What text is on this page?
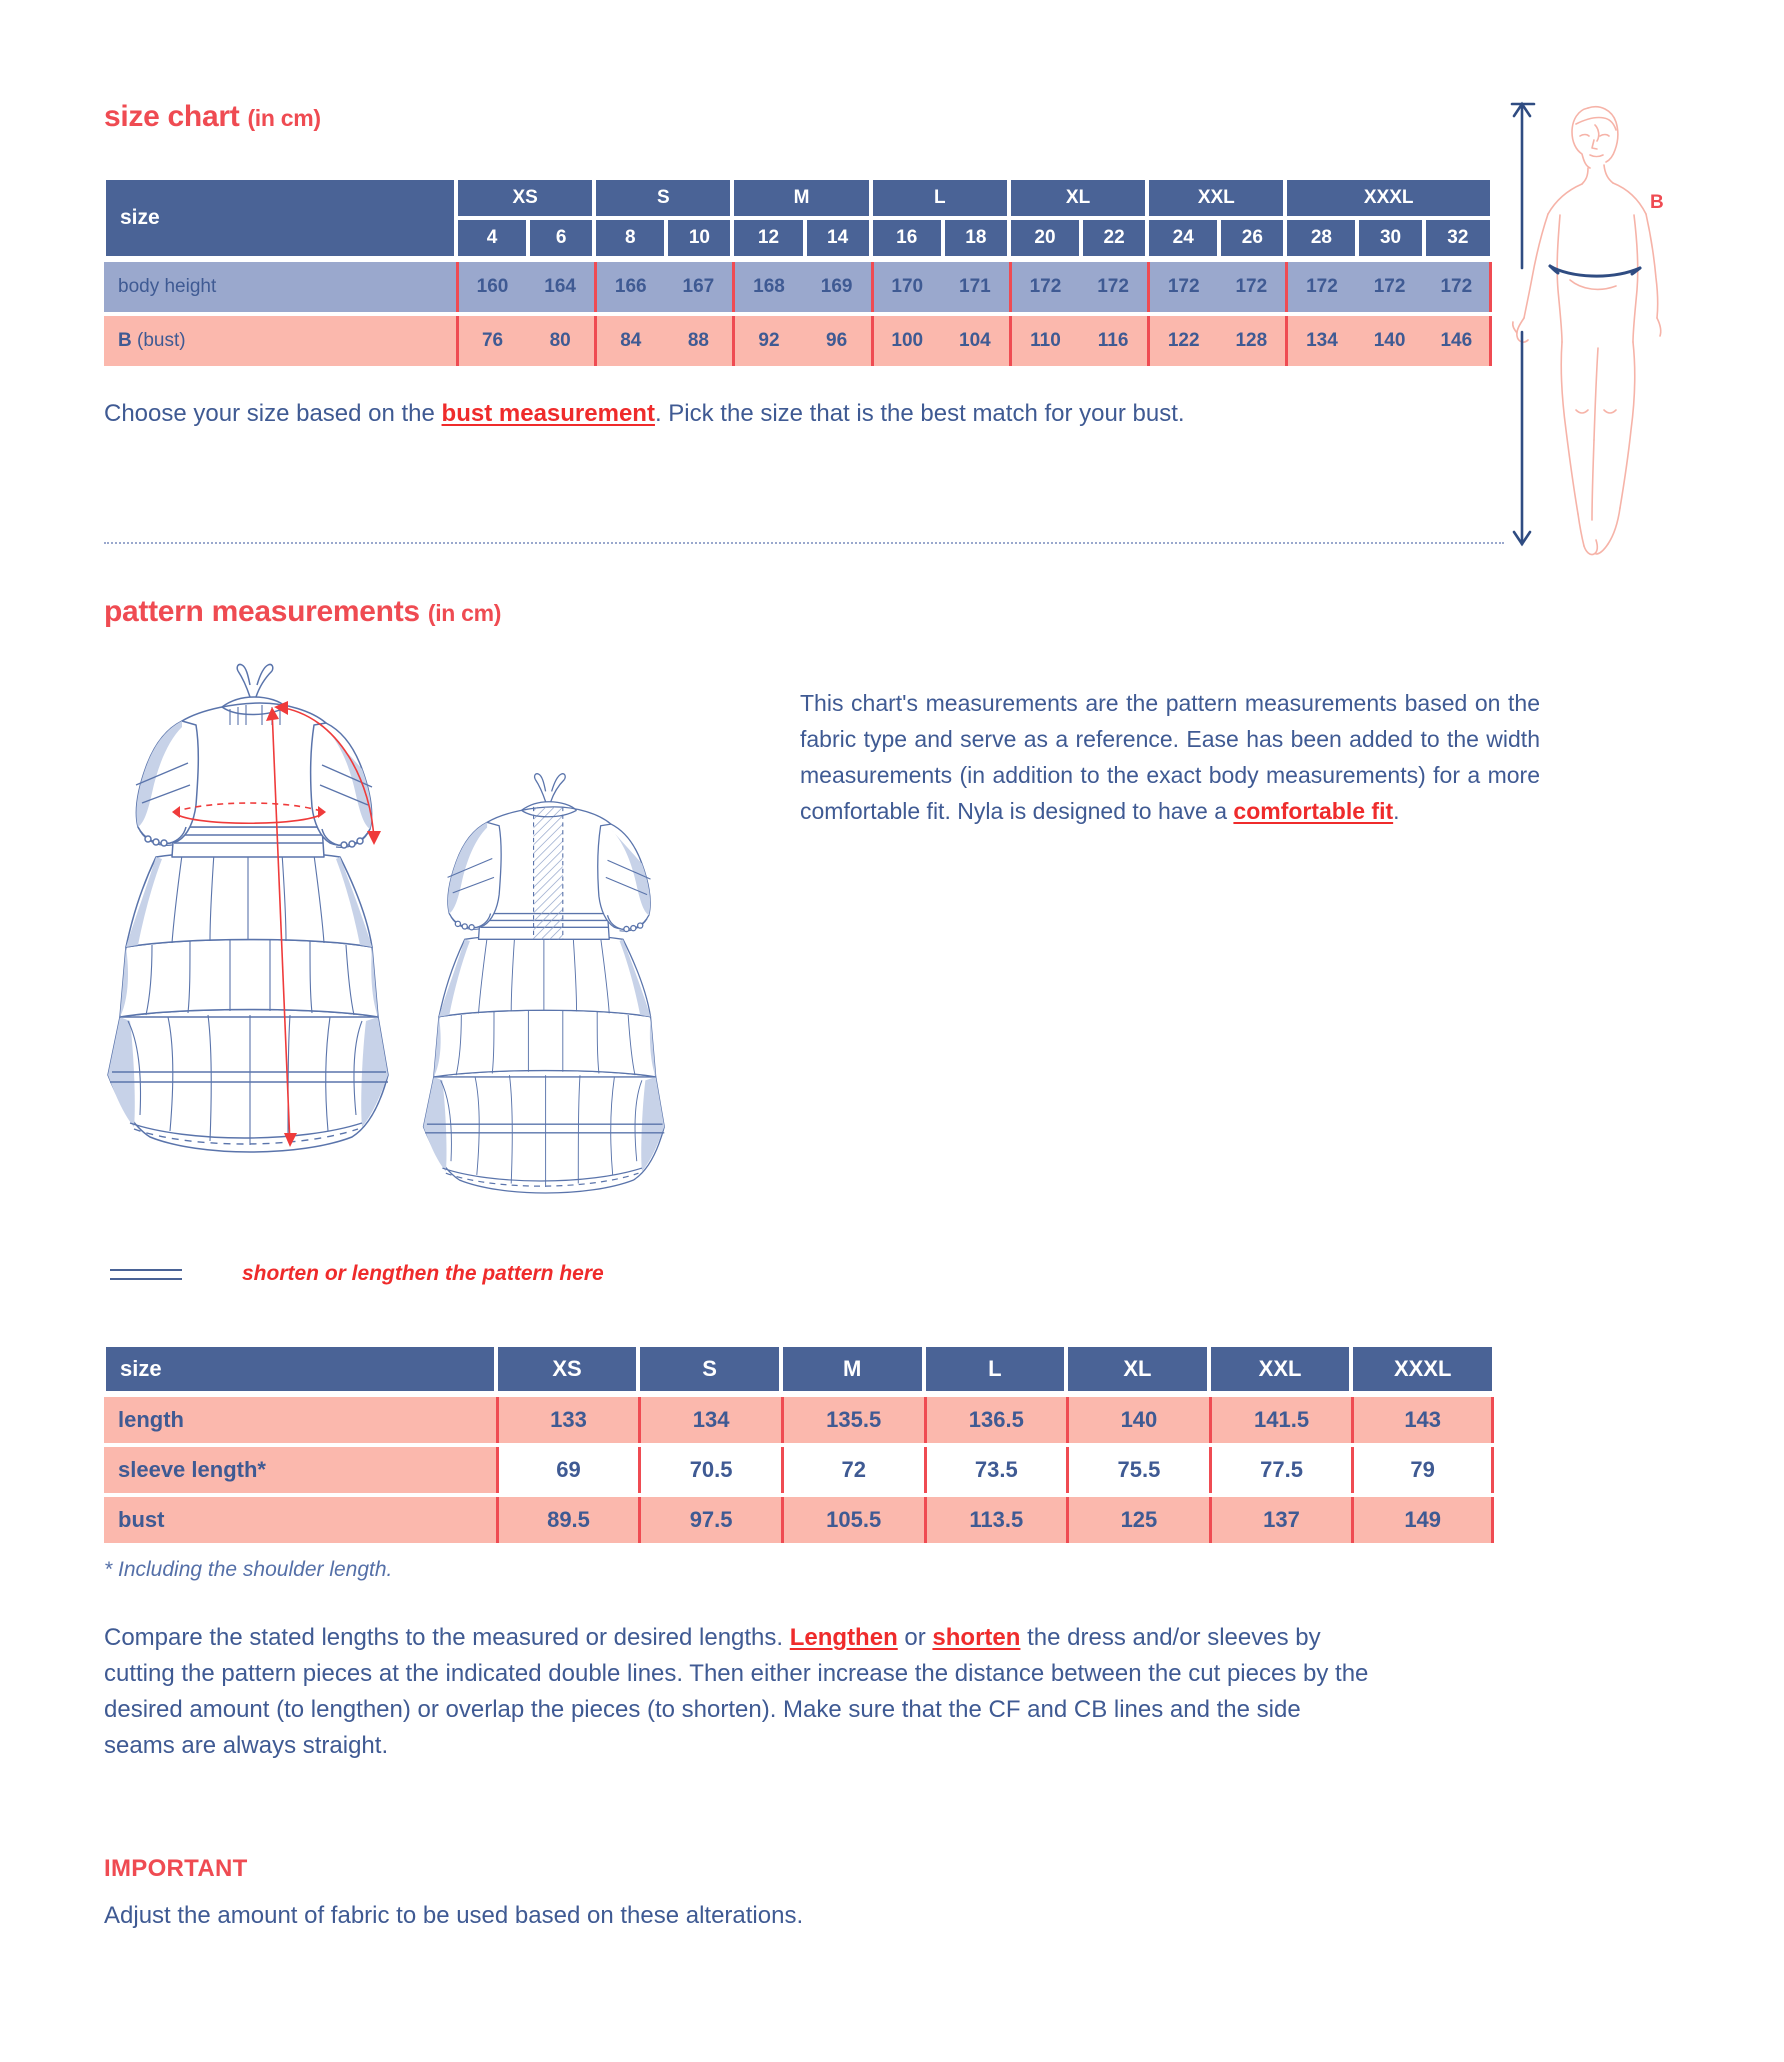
size chart (in cm)
size	XS		S		M		L		XL		XXL		XXXL		
	4	6	8	10	12	14	16	18	20	22	24	26	28	30	32

body height	160	164	166	167	168	169	170	171	172	172	172	172	172	172	172

B (bust)	76	80	84	88	92	96	100	104	110	116	122	128	134	140	146
Choose your size based on the bust measurement. Pick the size that is the best match for your bust.
B
pattern measurements (in cm)
This chart's measurements are the pattern measurements based on the fabric type and serve as a reference. Ease has been added to the width measurements (in addition to the exact body measurements) for a more comfortable fit. Nyla is designed to have a comfortable fit.
shorten or lengthen the pattern here
size	XS	S	M	L	XL	XXL	XXXL

length	133	134	135.5	136.5	140	141.5	143

sleeve length*	69	70.5	72	73.5	75.5	77.5	79

bust	89.5	97.5	105.5	113.5	125	137	149
* Including the shoulder length.
Compare the stated lengths to the measured or desired lengths. Lengthen or shorten the dress and/or sleeves by cutting the pattern pieces at the indicated double lines. Then either increase the distance between the cut pieces by the desired amount (to lengthen) or overlap the pieces (to shorten). Make sure that the CF and CB lines and the side seams are always straight.
IMPORTANT
Adjust the amount of fabric to be used based on these alterations.
